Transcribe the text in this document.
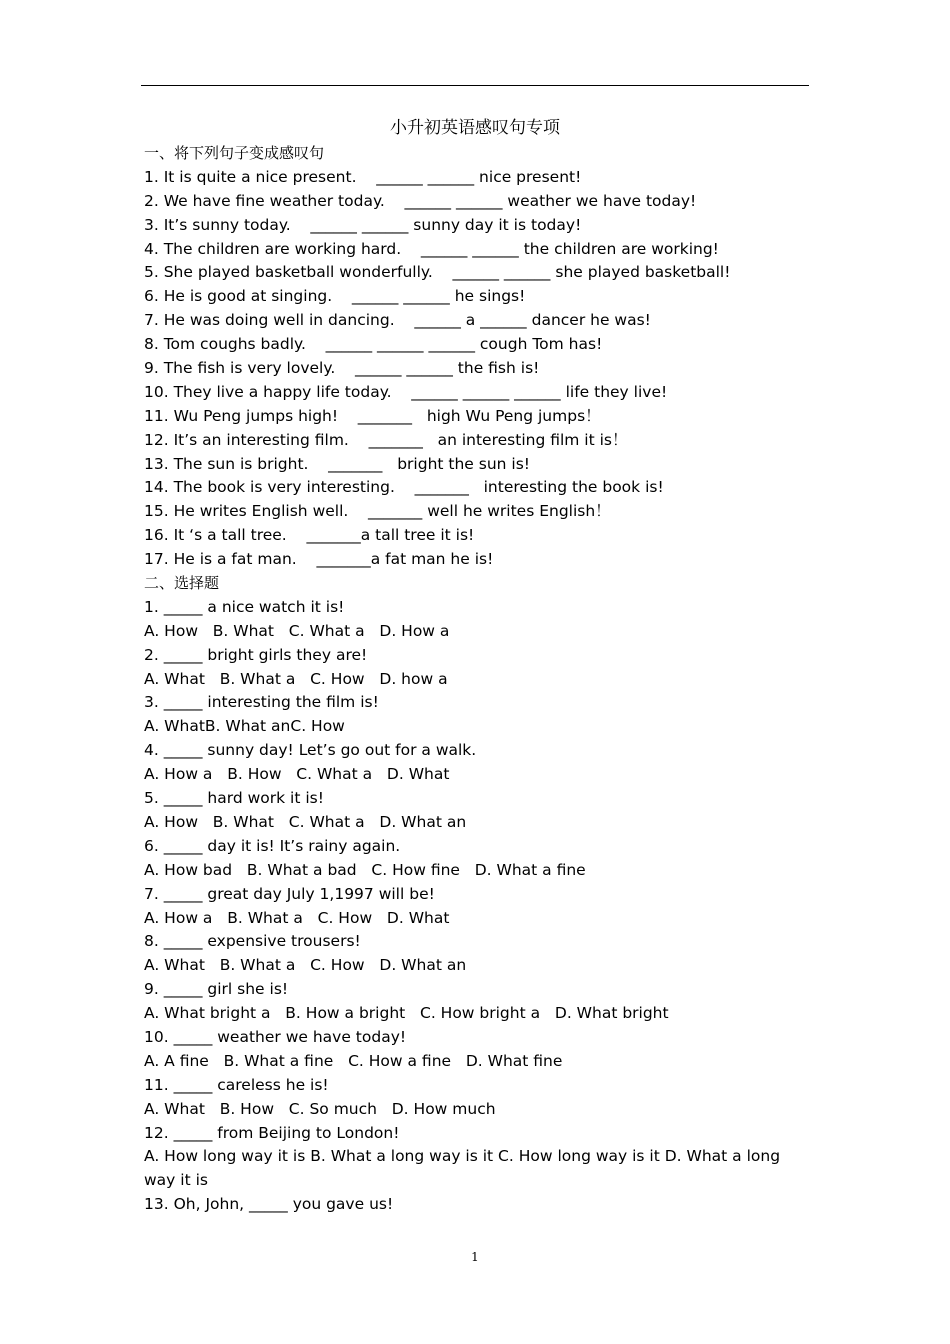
小升初英语感叹句专项
一、将下列句子变成感叹句
1. It is quite a nice present.    ______ ______ nice present!
2. We have fine weather today.    ______ ______ weather we have today!
3. It’s sunny today.    ______ ______ sunny day it is today!
4. The children are working hard.    ______ ______ the children are working!
5. She played basketball wonderfully.    ______ ______ she played basketball!
6. He is good at singing.    ______ ______ he sings!
7. He was doing well in dancing.    ______ a ______ dancer he was!
8. Tom coughs badly.    ______ ______ ______ cough Tom has!
9. The fish is very lovely.    ______ ______ the fish is!
10. They live a happy life today.    ______ ______ ______ life they live!
11. Wu Peng jumps high!    _______   high Wu Peng jumps！
12. It’s an interesting film.    _______   an interesting film it is！
13. The sun is bright.    _______   bright the sun is!
14. The book is very interesting.    _______   interesting the book is!
15. He writes English well.    _______ well he writes English！
16. It ‘s a tall tree.    _______a tall tree it is!
17. He is a fat man.    _______a fat man he is!
二、选择题
1. _____ a nice watch it is!
A. How   B. What   C. What a   D. How a
2. _____ bright girls they are!
A. What   B. What a   C. How   D. how a
3. _____ interesting the film is!
A. WhatB. What anC. How
4. _____ sunny day! Let’s go out for a walk.
A. How a   B. How   C. What a   D. What
5. _____ hard work it is!
A. How   B. What   C. What a   D. What an
6. _____ day it is! It’s rainy again.
A. How bad   B. What a bad   C. How fine   D. What a fine
7. _____ great day July 1,1997 will be!
A. How a   B. What a   C. How   D. What
8. _____ expensive trousers!
A. What   B. What a   C. How   D. What an
9. _____ girl she is!
A. What bright a   B. How a bright   C. How bright a   D. What bright
10. _____ weather we have today!
A. A fine   B. What a fine   C. How a fine   D. What fine
11. _____ careless he is!
A. What   B. How   C. So much   D. How much
12. _____ from Beijing to London!
A. How long way it is B. What a long way is it C. How long way is it D. What a long way it is
13. Oh, John, _____ you gave us!
1
